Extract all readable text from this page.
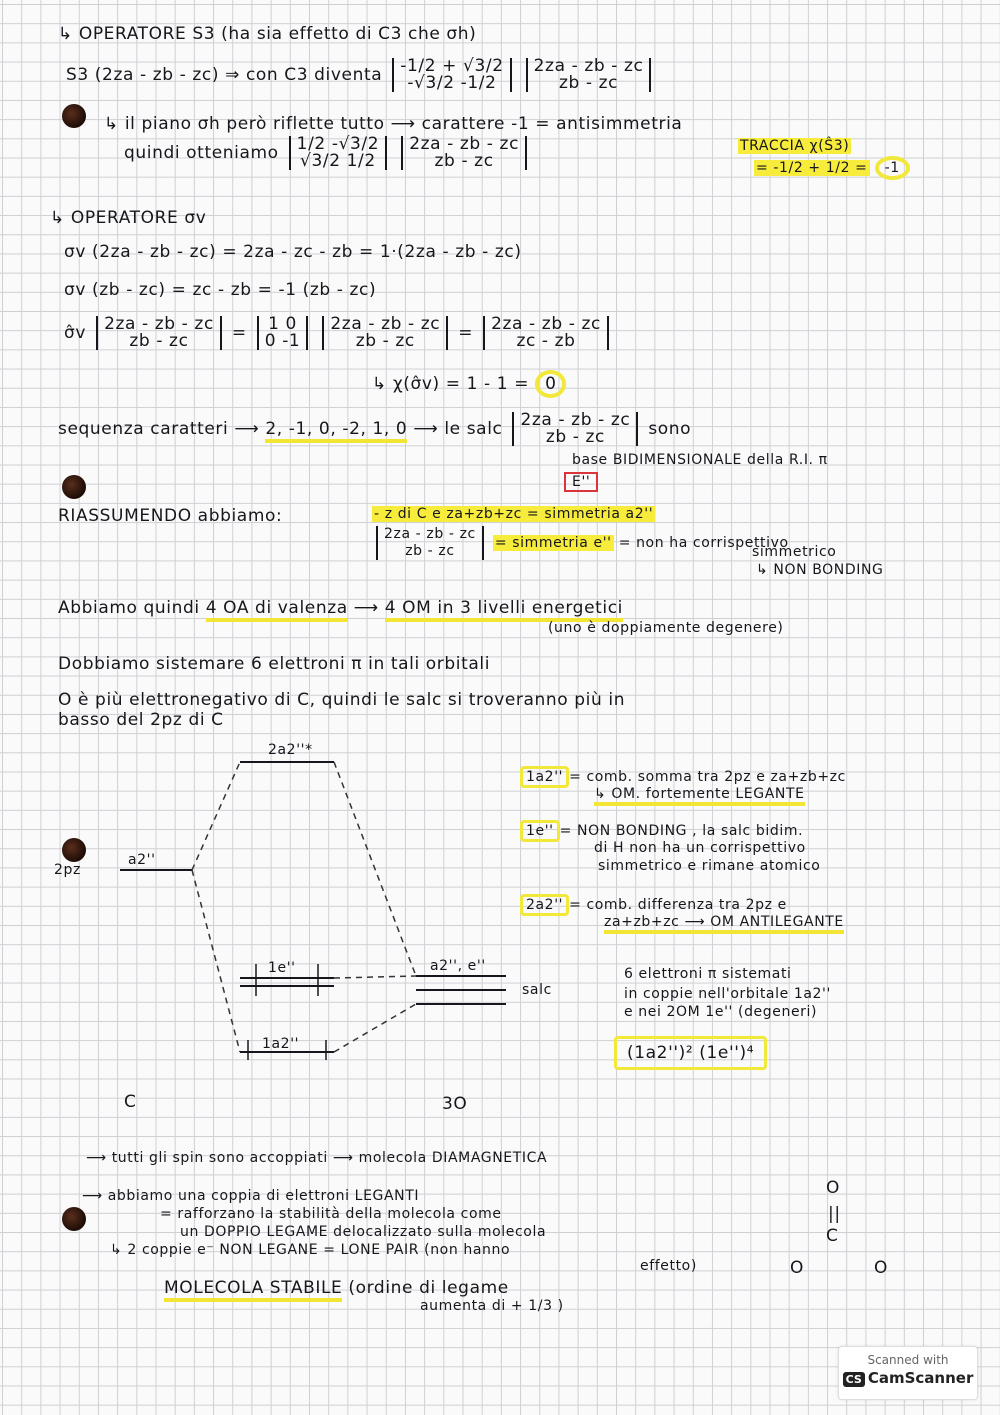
↳ OPERATORE S3 (ha sia effetto di C3 che σh)
S3 (2za - zb - zc) ⇒ con C3 diventa -1/2 + √3/2
-√3/2 -1/2

2za - zb - zc
zb - zc
↳ il piano σh però riflette tutto ⟶ carattere -1 = antisimmetria
quindi otteniamo 1/2 -√3/2
√3/2 1/2

2za - zb - zc
zb - zc
TRACCIA χ(Ŝ3)
= -1/2 + 1/2 = -1
↳ OPERATORE σv
σv (2za - zb - zc) = 2za - zc - zb = 1·(2za - zb - zc)
σv (zb - zc) = zc - zb = -1 (zb - zc)
σ̂v 2za - zb - zc
zb - zc	= 1 0
0 -1

2za - zb - zc
zb - zc	= 2za - zb - zc
zc - zb
↳ χ(σ̂v) = 1 - 1 = 0
sequenza caratteri ⟶ 2, -1, 0, -2, 1, 0 ⟶ le salc 2za - zb - zc
zb - zc	sono
base BIDIMENSIONALE della R.I. π
E''
RIASSUMENDO abbiamo:	- z di C e za+zb+zc = simmetria a2''
2za - zb - zc
zb - zc	= simmetria e'' = non ha corrispettivo
simmetrico
↳ NON BONDING
Abbiamo quindi 4 OA di valenza ⟶ 4 OM in 3 livelli energetici
(uno è doppiamente degenere)
Dobbiamo sistemare 6 elettroni π in tali orbitali
O è più elettronegativo di C, quindi le salc si troveranno più in
basso del 2pz di C
2a2''*
a2''
2pz
1e''
1a2''
a2'', e''
salc
C	3O
1a2'' = comb. somma tra 2pz e za+zb+zc
↳ OM. fortemente LEGANTE
1e'' = NON BONDING , la salc bidim.
di H non ha un corrispettivo
simmetrico e rimane atomico
2a2'' = comb. differenza tra 2pz e
za+zb+zc ⟶ OM ANTILEGANTE
6 elettroni π sistemati
in coppie nell'orbitale 1a2''
e nei 2OM 1e'' (degeneri)
(1a2'')² (1e'')⁴
⟶ tutti gli spin sono accoppiati ⟶ molecola DIAMAGNETICA
⟶ abbiamo una coppia di elettroni LEGANTI
= rafforzano la stabilità della molecola come
un DOPPIO LEGAME delocalizzato sulla molecola
↳ 2 coppie e⁻ NON LEGANE = LONE PAIR (non hanno
effetto)
MOLECOLA STABILE (ordine di legame
aumenta di + 1/3 )
O
||
C
O	O
Scanned with
CS CamScanner
